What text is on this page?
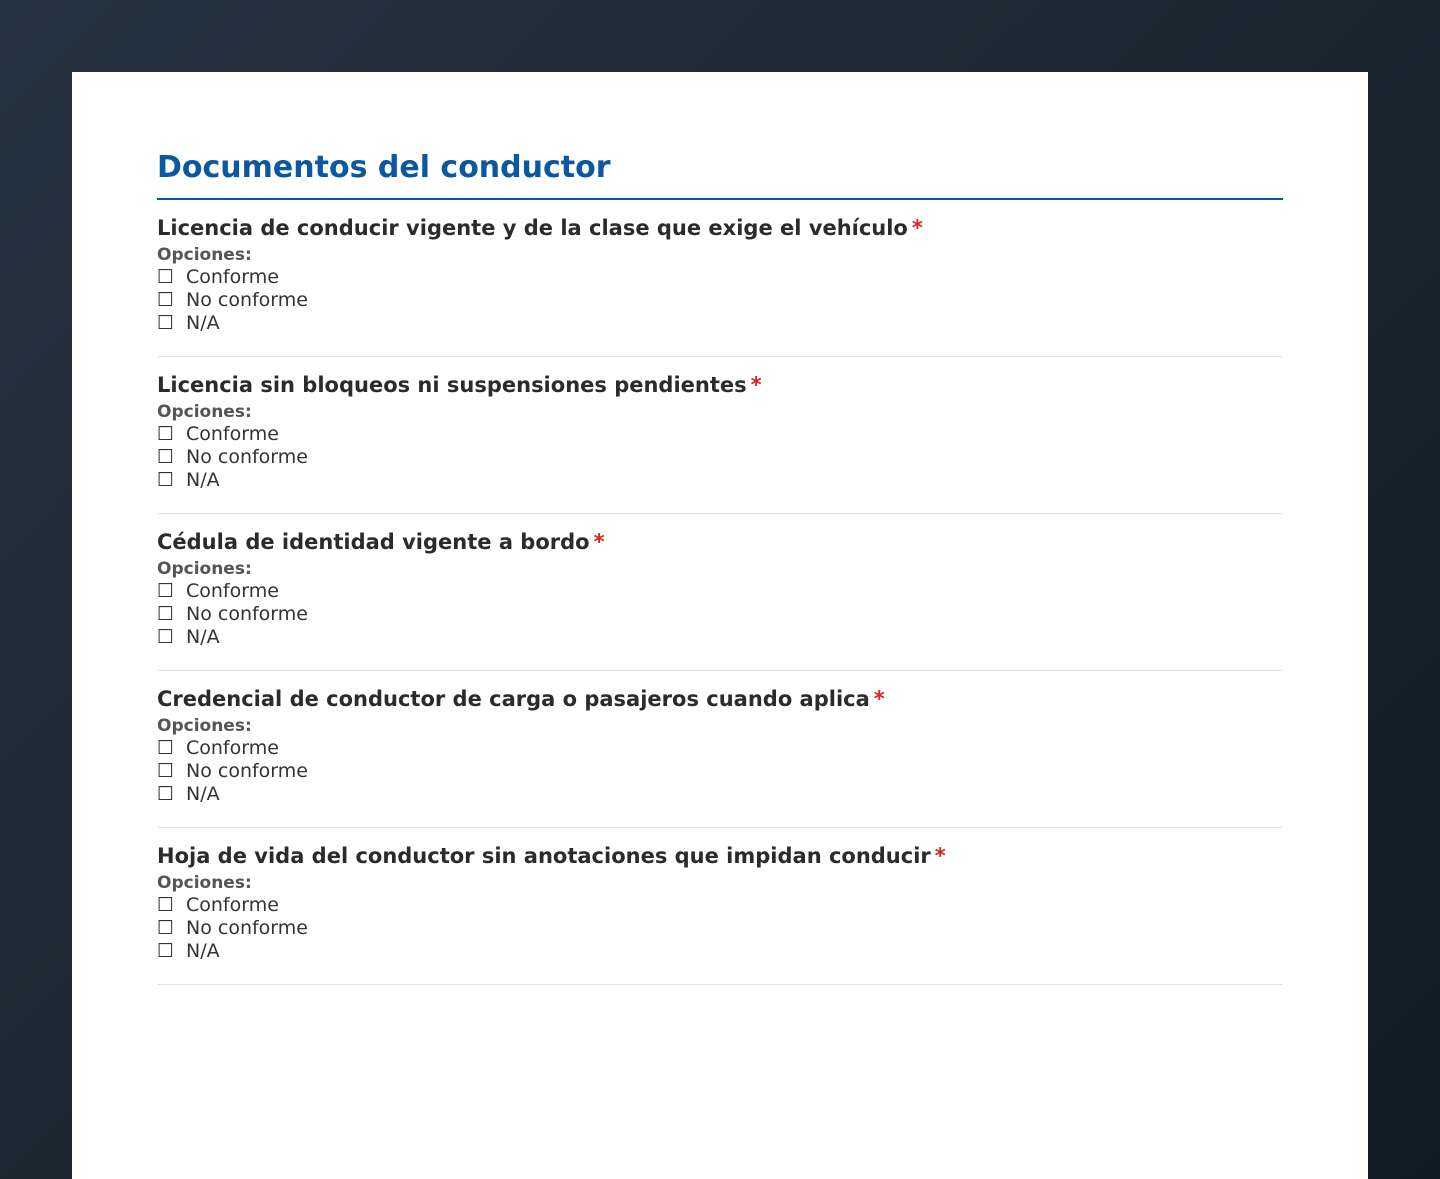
Documentos del conductor
Licencia de conducir vigente y de la clase que exige el vehículo *
Opciones:
☐ Conforme
☐ No conforme
☐ N/A
Licencia sin bloqueos ni suspensiones pendientes *
Opciones:
☐ Conforme
☐ No conforme
☐ N/A
Cédula de identidad vigente a bordo *
Opciones:
☐ Conforme
☐ No conforme
☐ N/A
Credencial de conductor de carga o pasajeros cuando aplica *
Opciones:
☐ Conforme
☐ No conforme
☐ N/A
Hoja de vida del conductor sin anotaciones que impidan conducir *
Opciones:
☐ Conforme
☐ No conforme
☐ N/A
